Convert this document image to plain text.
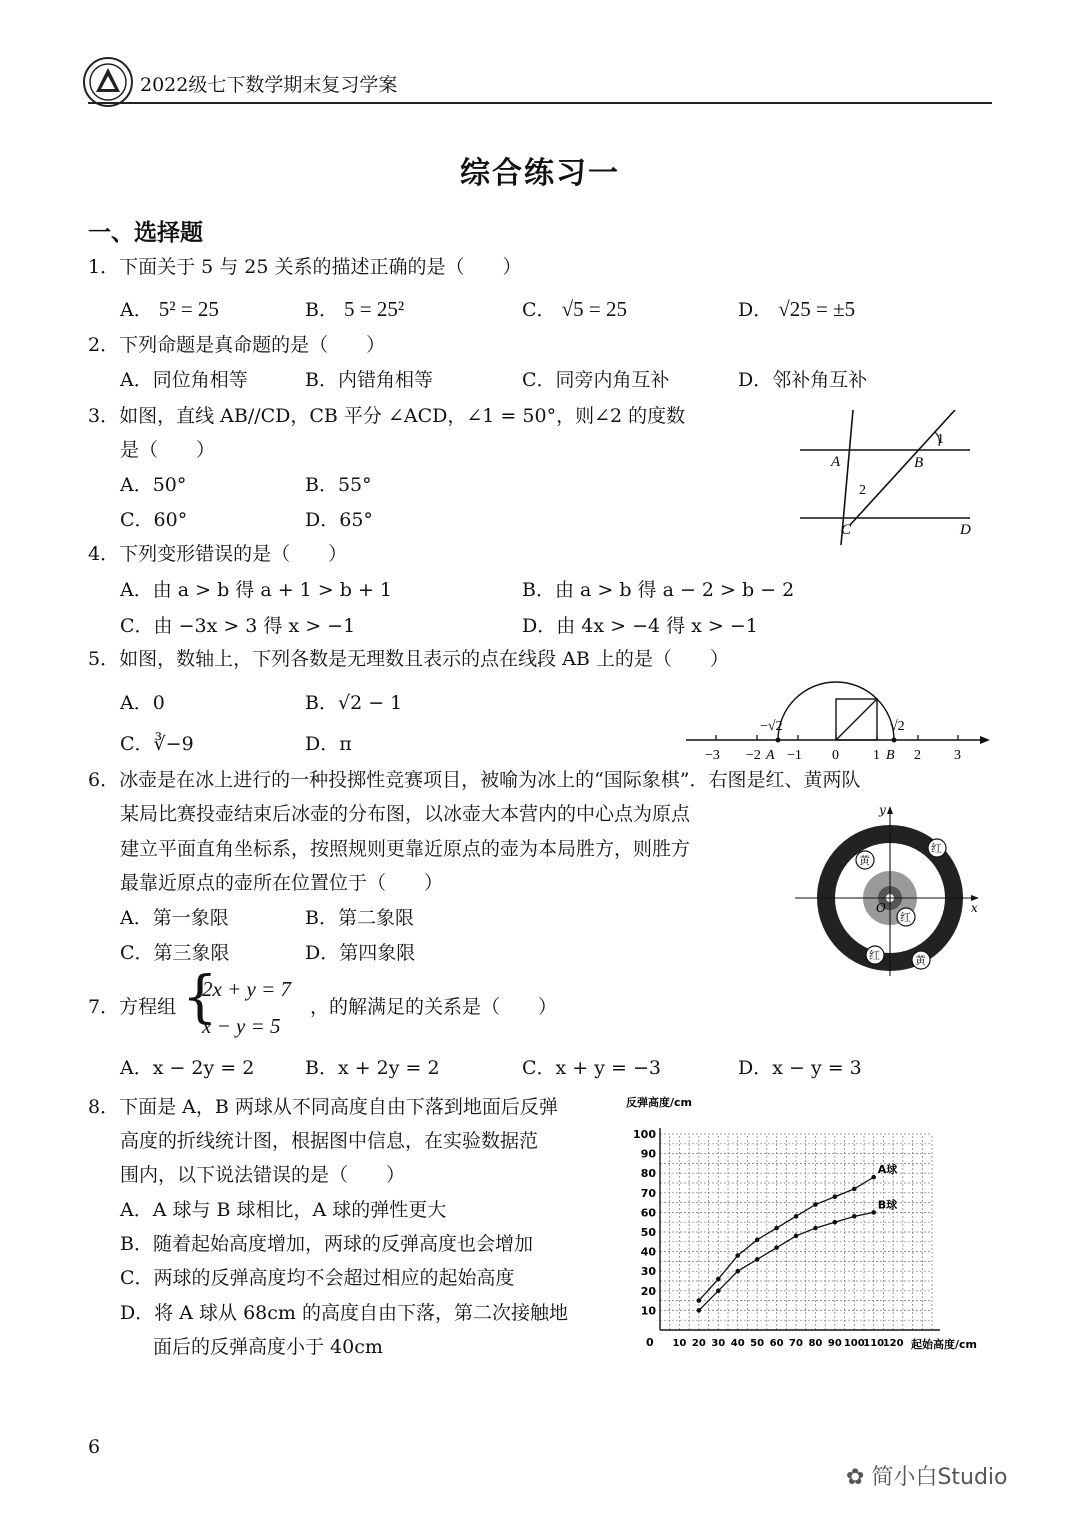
2022级七下数学期末复习学案
综合练习一
一、选择题
1．下面关于 5 与 25 关系的描述正确的是（　　）
A． 5² = 25	B． 5 = 25²	C． √5 = 25	D． √25 = ±5
2．下列命题是真命题的是（　　）
A．同位角相等	B．内错角相等	C．同旁内角互补	D．邻补角互补
3．如图，直线 AB//CD，CB 平分 ∠ACD，∠1 = 50°，则∠2 的度数
是（　　）
A．50°	B．55°
C．60°	D．65°
A	B
C	D
1
2
4．下列变形错误的是（　　）
A．由 a > b 得 a + 1 > b + 1	B．由 a > b 得 a − 2 > b − 2
C．由 −3x > 3 得 x > −1	D．由 4x > −4 得 x > −1
5．如图，数轴上，下列各数是无理数且表示的点在线段 AB 上的是（　　）
A．0	B．√2 − 1
C．∛−9	D．π
−3 −2 A −1 0 1 B 2 3
−√2	√2
6．冰壶是在冰上进行的一种投掷性竞赛项目，被喻为冰上的“国际象棋”．右图是红、黄两队
某局比赛投壶结束后冰壶的分布图，以冰壶大本营内的中心点为原点
建立平面直角坐标系，按照规则更靠近原点的壶为本局胜方，则胜方
最靠近原点的壶所在位置位于（　　）
A．第一象限	B．第二象限
C．第三象限	D．第四象限
y
x
O
黄
红
红
红	黄
7．方程组 {
2x + y = 7
x − y = 5
，的解满足的关系是（　　）
A．x − 2y = 2	B．x + 2y = 2	C．x + y = −3	D．x − y = 3
8．下面是 A，B 两球从不同高度自由下落到地面后反弹
高度的折线统计图，根据图中信息，在实验数据范
围内，以下说法错误的是（　　）
A．A 球与 B 球相比，A 球的弹性更大
B．随着起始高度增加，两球的反弹高度也会增加
C．两球的反弹高度均不会超过相应的起始高度
D．将 A 球从 68cm 的高度自由下落，第二次接触地
面后的反弹高度小于 40cm
反弹高度/cm
起始高度/cm
10
20
30
40
50
60
70
80
90
100
0 10 20 30 40 50 60 70 80 90 100
110
120
A球
B球
6
✿ 简小白Studio
